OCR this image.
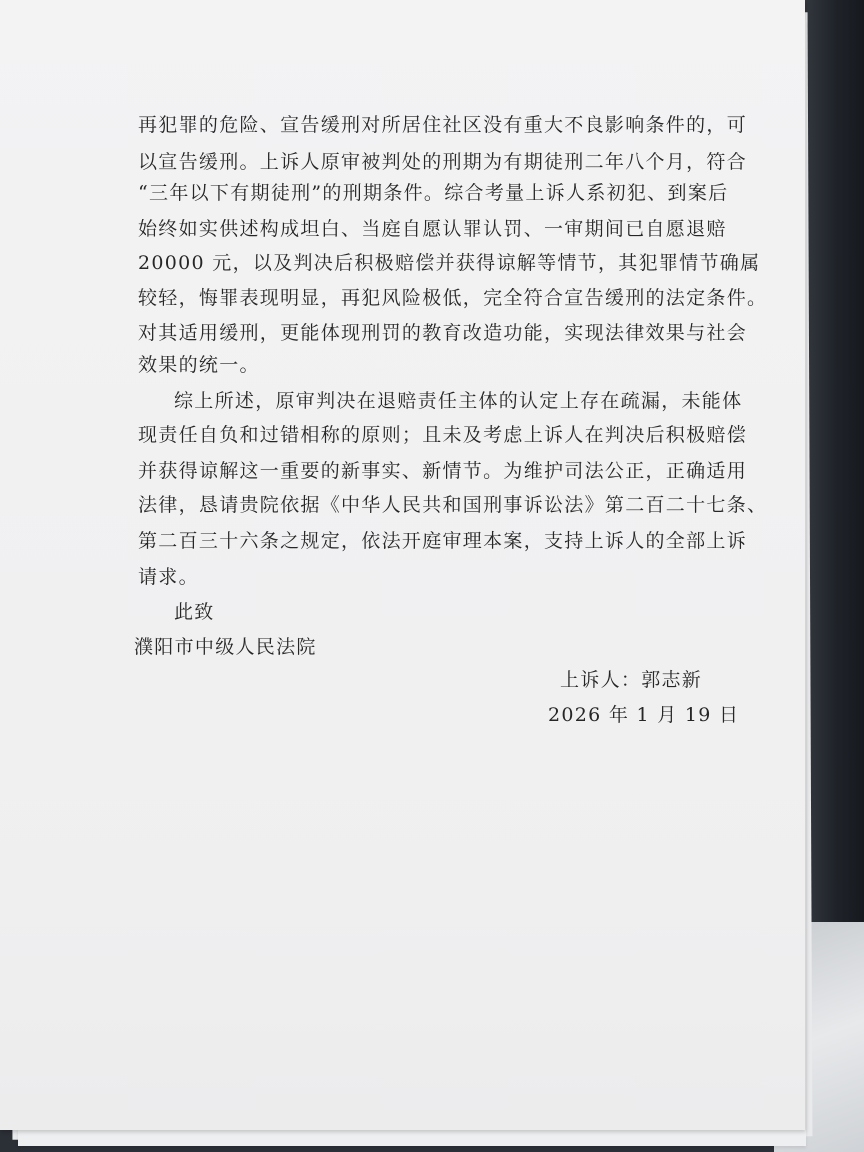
再犯罪的危险、宣告缓刑对所居住社区没有重大不良影响条件的，可
以宣告缓刑。上诉人原审被判处的刑期为有期徒刑二年八个月，符合
“三年以下有期徒刑”的刑期条件。综合考量上诉人系初犯、到案后
始终如实供述构成坦白、当庭自愿认罪认罚、一审期间已自愿退赔
20000 元，以及判决后积极赔偿并获得谅解等情节，其犯罪情节确属
较轻，悔罪表现明显，再犯风险极低，完全符合宣告缓刑的法定条件。
对其适用缓刑，更能体现刑罚的教育改造功能，实现法律效果与社会
效果的统一。
综上所述，原审判决在退赔责任主体的认定上存在疏漏，未能体
现责任自负和过错相称的原则；且未及考虑上诉人在判决后积极赔偿
并获得谅解这一重要的新事实、新情节。为维护司法公正，正确适用
法律，恳请贵院依据《中华人民共和国刑事诉讼法》第二百二十七条、
第二百三十六条之规定，依法开庭审理本案，支持上诉人的全部上诉
请求。
此致
濮阳市中级人民法院
上诉人：郭志新
2026 年 1 月 19 日
